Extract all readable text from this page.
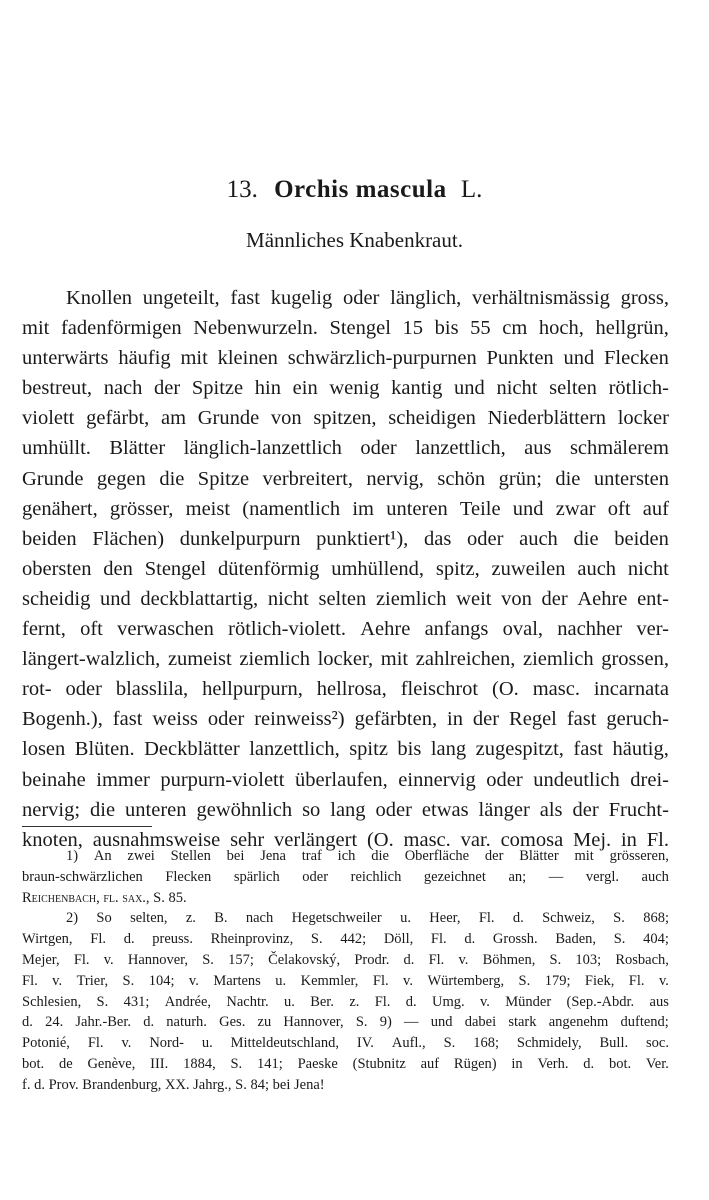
13. Orchis mascula L.
Männliches Knabenkraut.
Knollen ungeteilt, fast kugelig oder länglich, verhältnismässig gross,
mit fadenförmigen Nebenwurzeln. Stengel 15 bis 55 cm hoch, hellgrün,
unterwärts häufig mit kleinen schwärzlich-purpurnen Punkten und Flecken
bestreut, nach der Spitze hin ein wenig kantig und nicht selten rötlich-
violett gefärbt, am Grunde von spitzen, scheidigen Niederblättern locker
umhüllt. Blätter länglich-lanzettlich oder lanzettlich, aus schmälerem
Grunde gegen die Spitze verbreitert, nervig, schön grün; die untersten
genähert, grösser, meist (namentlich im unteren Teile und zwar oft auf
beiden Flächen) dunkelpurpurn punktiert¹), das oder auch die beiden
obersten den Stengel dütenförmig umhüllend, spitz, zuweilen auch nicht
scheidig und deckblattartig, nicht selten ziemlich weit von der Aehre ent-
fernt, oft verwaschen rötlich-violett. Aehre anfangs oval, nachher ver-
längert-walzlich, zumeist ziemlich locker, mit zahlreichen, ziemlich grossen,
rot- oder blasslila, hellpurpurn, hellrosa, fleischrot (O. masc. incarnata
Bogenh.), fast weiss oder reinweiss²) gefärbten, in der Regel fast geruch-
losen Blüten. Deckblätter lanzettlich, spitz bis lang zugespitzt, fast häutig,
beinahe immer purpurn-violett überlaufen, einnervig oder undeutlich drei-
nervig; die unteren gewöhnlich so lang oder etwas länger als der Frucht-
knoten, ausnahmsweise sehr verlängert (O. masc. var. comosa Mej. in Fl.
1) An zwei Stellen bei Jena traf ich die Oberfläche der Blätter mit grösseren,
braun-schwärzlichen Flecken spärlich oder reichlich gezeichnet an; — vergl. auch
Reichenbach, fl. sax., S. 85.
2) So selten, z. B. nach Hegetschweiler u. Heer, Fl. d. Schweiz, S. 868;
Wirtgen, Fl. d. preuss. Rheinprovinz, S. 442; Döll, Fl. d. Grossh. Baden, S. 404;
Mejer, Fl. v. Hannover, S. 157; Čelakovský, Prodr. d. Fl. v. Böhmen, S. 103; Rosbach,
Fl. v. Trier, S. 104; v. Martens u. Kemmler, Fl. v. Würtemberg, S. 179; Fiek, Fl. v.
Schlesien, S. 431; Andrée, Nachtr. u. Ber. z. Fl. d. Umg. v. Münder (Sep.-Abdr. aus
d. 24. Jahr.-Ber. d. naturh. Ges. zu Hannover, S. 9) — und dabei stark angenehm duftend;
Potonié, Fl. v. Nord- u. Mitteldeutschland, IV. Aufl., S. 168; Schmidely, Bull. soc.
bot. de Genève, III. 1884, S. 141; Paeske (Stubnitz auf Rügen) in Verh. d. bot. Ver.
f. d. Prov. Brandenburg, XX. Jahrg., S. 84; bei Jena!
